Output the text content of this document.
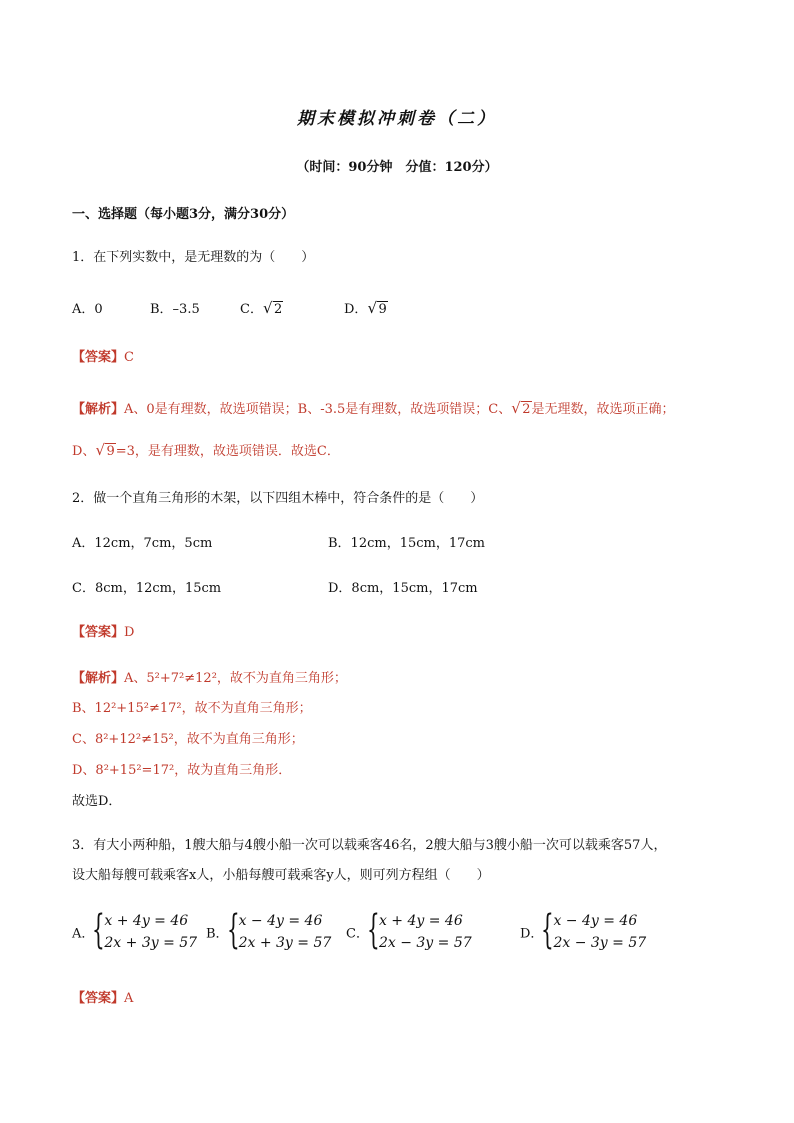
期末模拟冲刺卷（二）
（时间：90分钟　分值：120分）
一、选择题（每小题3分，满分30分）
1．在下列实数中，是无理数的为（　　）
A．0	B．–3.5	C． √ 2	D． √ 9
【答案】C
【解析】A、0是有理数，故选项错误；B、-3.5是有理数，故选项错误；C、 √ 2是无理数，故选项正确；
D、 √ 9=3，是有理数，故选项错误．故选C．
2．做一个直角三角形的木架，以下四组木棒中，符合条件的是（　　）
A．12cm，7cm，5cm	B．12cm，15cm，17cm
C．8cm，12cm，15cm	D．8cm，15cm，17cm
【答案】D
【解析】A、5²+7²≠12²，故不为直角三角形；
B、12²+15²≠17²，故不为直角三角形；
C、8²+12²≠15²，故不为直角三角形；
D、8²+15²=17²，故为直角三角形．
故选D．
3．有大小两种船，1艘大船与4艘小船一次可以载乘客46名，2艘大船与3艘小船一次可以载乘客57人，
设大船每艘可载乘客x人，小船每艘可载乘客y人，则可列方程组（　　）
A．
{ x + 4y = 46
2x + 3y = 57
B．
{ x − 4y = 46
2x + 3y = 57
C．
{ x + 4y = 46
2x − 3y = 57
D．
{ x − 4y = 46
2x − 3y = 57
【答案】A
